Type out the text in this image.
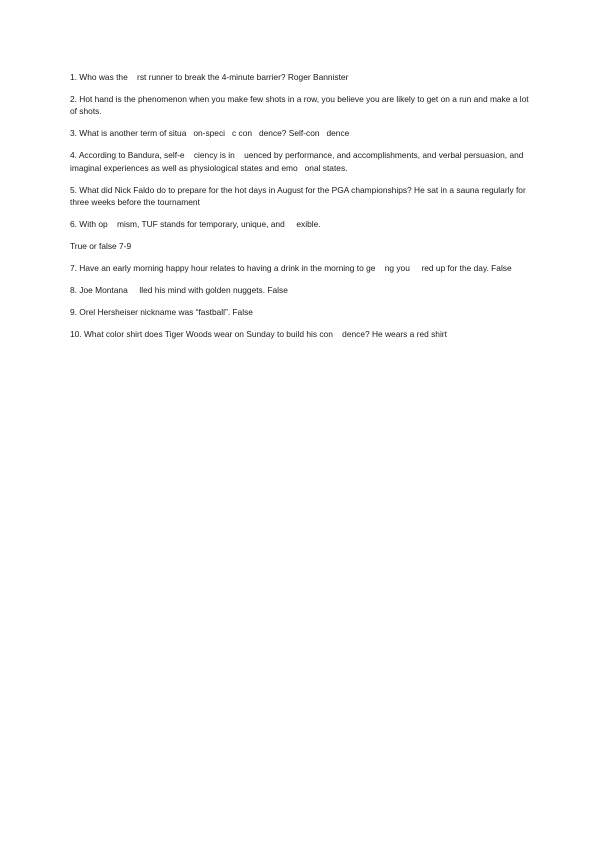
1. Who was the    rst runner to break the 4-minute barrier? Roger Bannister

2. Hot hand is the phenomenon when you make few shots in a row, you believe you are likely to get on a run and make a lot of shots.

3. What is another term of situa   on-speci   c con   dence? Self-con   dence

4. According to Bandura, self-e    ciency is in    uenced by performance, and accomplishments, and verbal persuasion, and imaginal experiences as well as physiological states and emo   onal states.

5. What did Nick Faldo do to prepare for the hot days in August for the PGA championships? He sat in a sauna regularly for three weeks before the tournament

6. With op    mism, TUF stands for temporary, unique, and     exible.

True or false 7-9

7. Have an early morning happy hour relates to having a drink in the morning to ge    ng you     red up for the day. False

8. Joe Montana     lled his mind with golden nuggets. False

9. Orel Hersheiser nickname was “fastball”. False

10. What color shirt does Tiger Woods wear on Sunday to build his con    dence? He wears a red shirt
